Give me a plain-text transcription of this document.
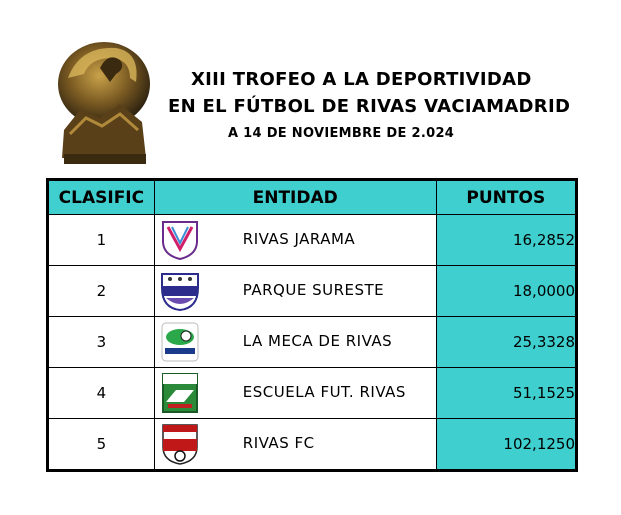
XIII TROFEO A LA DEPORTIVIDAD
EN EL FÚTBOL DE RIVAS VACIAMADRID
A 14 DE NOVIEMBRE DE 2.024
CLASIFIC	ENTIDAD	PUNTOS
1	RIVAS JARAMA	16,2852
2	PARQUE SURESTE	18,0000
3	LA MECA DE RIVAS	25,3328
4	ESCUELA FUT. RIVAS	51,1525
5	RIVAS FC	102,1250
